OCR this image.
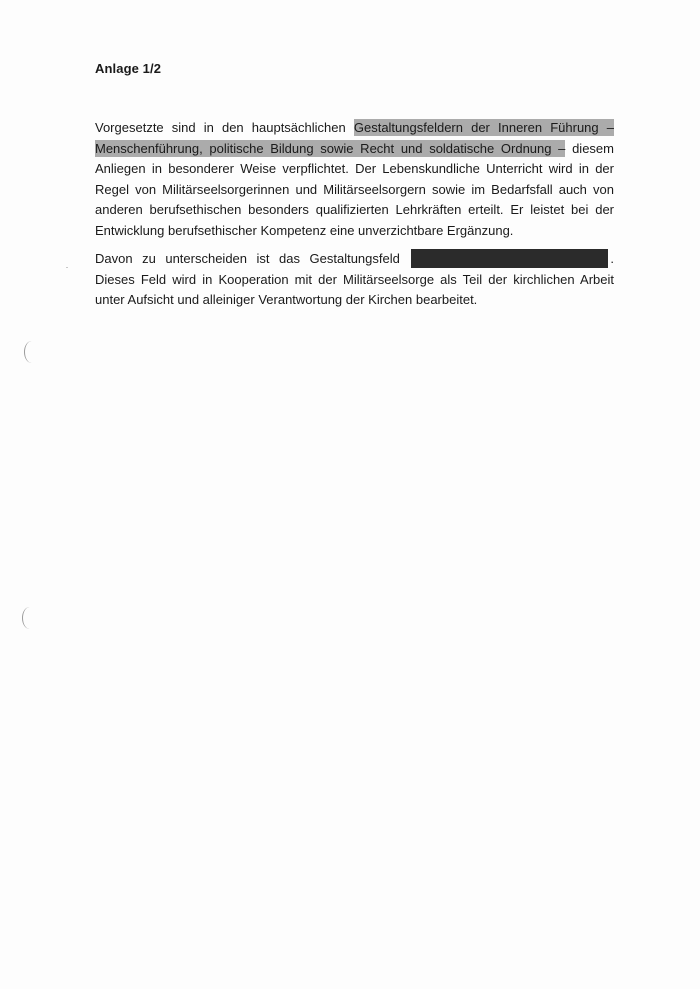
Anlage 1/2

Vorgesetzte sind in den hauptsächlichen Gestaltungsfeldern der Inneren Führung – Menschenführung, politische Bildung sowie Recht und soldatische Ordnung – diesem Anliegen in besonderer Weise verpflichtet. Der Lebenskundliche Unterricht wird in der Regel von Militärseelsorgerinnen und Militärseelsorgern sowie im Bedarfsfall auch von anderen berufsethischen besonders qualifizierten Lehrkräften erteilt. Er leistet bei der Entwicklung berufsethischer Kompetenz eine unverzichtbare Ergänzung.

Davon zu unterscheiden ist das Gestaltungsfeld	. Dieses Feld wird in Kooperation mit der Militärseelsorge als Teil der kirchlichen Arbeit unter Aufsicht und alleiniger Verantwortung der Kirchen bearbeitet.
